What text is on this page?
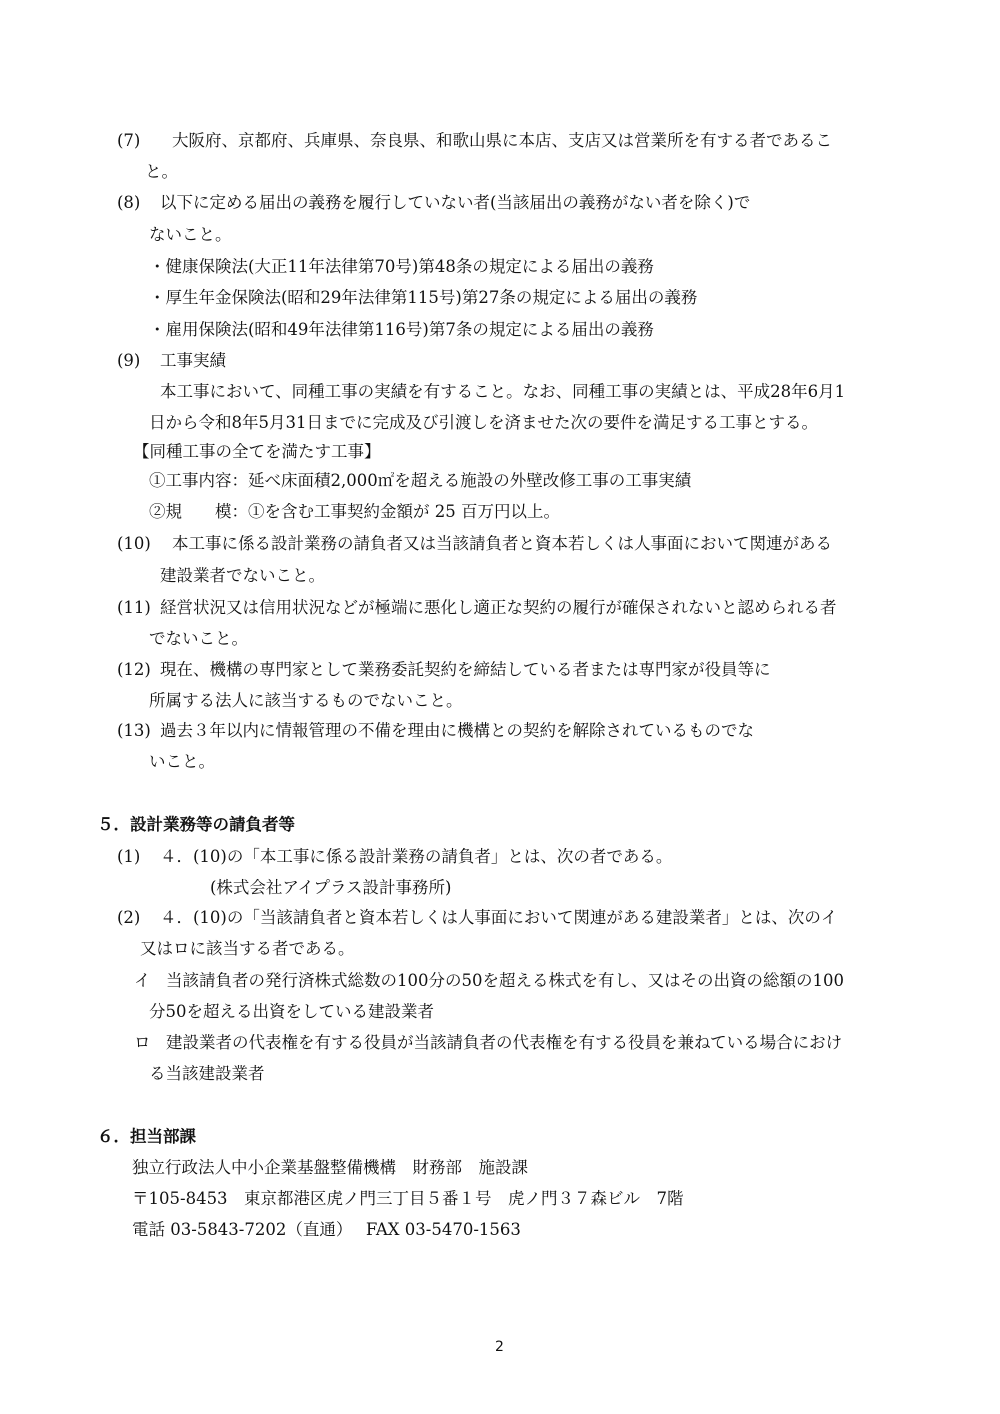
(7) 大阪府、京都府、兵庫県、奈良県、和歌山県に本店、支店又は営業所を有する者であるこ
と。
(8) 以下に定める届出の義務を履行していない者(当該届出の義務がない者を除く)で
ないこと。
・健康保険法(大正11年法律第70号)第48条の規定による届出の義務
・厚生年金保険法(昭和29年法律第115号)第27条の規定による届出の義務
・雇用保険法(昭和49年法律第116号)第7条の規定による届出の義務
(9) 工事実績
本工事において、同種工事の実績を有すること。なお、同種工事の実績とは、平成28年6月1
日から令和8年5月31日までに完成及び引渡しを済ませた次の要件を満足する工事とする。
【同種工事の全てを満たす工事】
①工事内容：延べ床面積2,000㎡を超える施設の外壁改修工事の工事実績
②規　　模：①を含む工事契約金額が 25 百万円以上。
(10) 本工事に係る設計業務の請負者又は当該請負者と資本若しくは人事面において関連がある
建設業者でないこと。
(11) 経営状況又は信用状況などが極端に悪化し適正な契約の履行が確保されないと認められる者
でないこと。
(12) 現在、機構の専門家として業務委託契約を締結している者または専門家が役員等に
所属する法人に該当するものでないこと。
(13) 過去３年以内に情報管理の不備を理由に機構との契約を解除されているものでな
いこと。
５．設計業務等の請負者等
(1) ４．(10)の「本工事に係る設計業務の請負者」とは、次の者である。
(株式会社アイプラス設計事務所)
(2) ４．(10)の「当該請負者と資本若しくは人事面において関連がある建設業者」とは、次のイ
又はロに該当する者である。
イ 当該請負者の発行済株式総数の100分の50を超える株式を有し、又はその出資の総額の100
分50を超える出資をしている建設業者
ロ 建設業者の代表権を有する役員が当該請負者の代表権を有する役員を兼ねている場合におけ
る当該建設業者
６．担当部課
独立行政法人中小企業基盤整備機構　財務部　施設課
〒105-8453　東京都港区虎ノ門三丁目５番１号　虎ノ門３７森ビル　7階
電話 03-5843-7202（直通）　 FAX 03-5470-1563
2
